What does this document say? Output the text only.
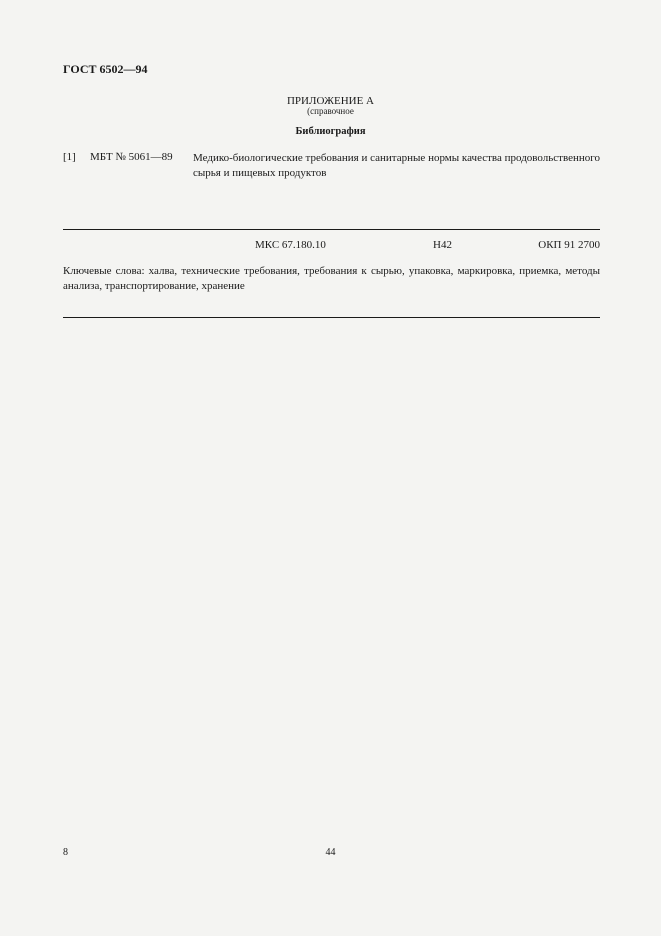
ГОСТ 6502—94
ПРИЛОЖЕНИЕ А
(справочное
Библиография
[1] МБТ № 5061—89 Медико-биологические требования и санитарные нормы качества продовольственного сырья и пищевых продуктов
МКС 67.180.10	Н42	ОКП 91 2700
Ключевые слова: халва, технические требования, требования к сырью, упаковка, маркировка, приемка, методы анализа, транспортирование, хранение
8	44
